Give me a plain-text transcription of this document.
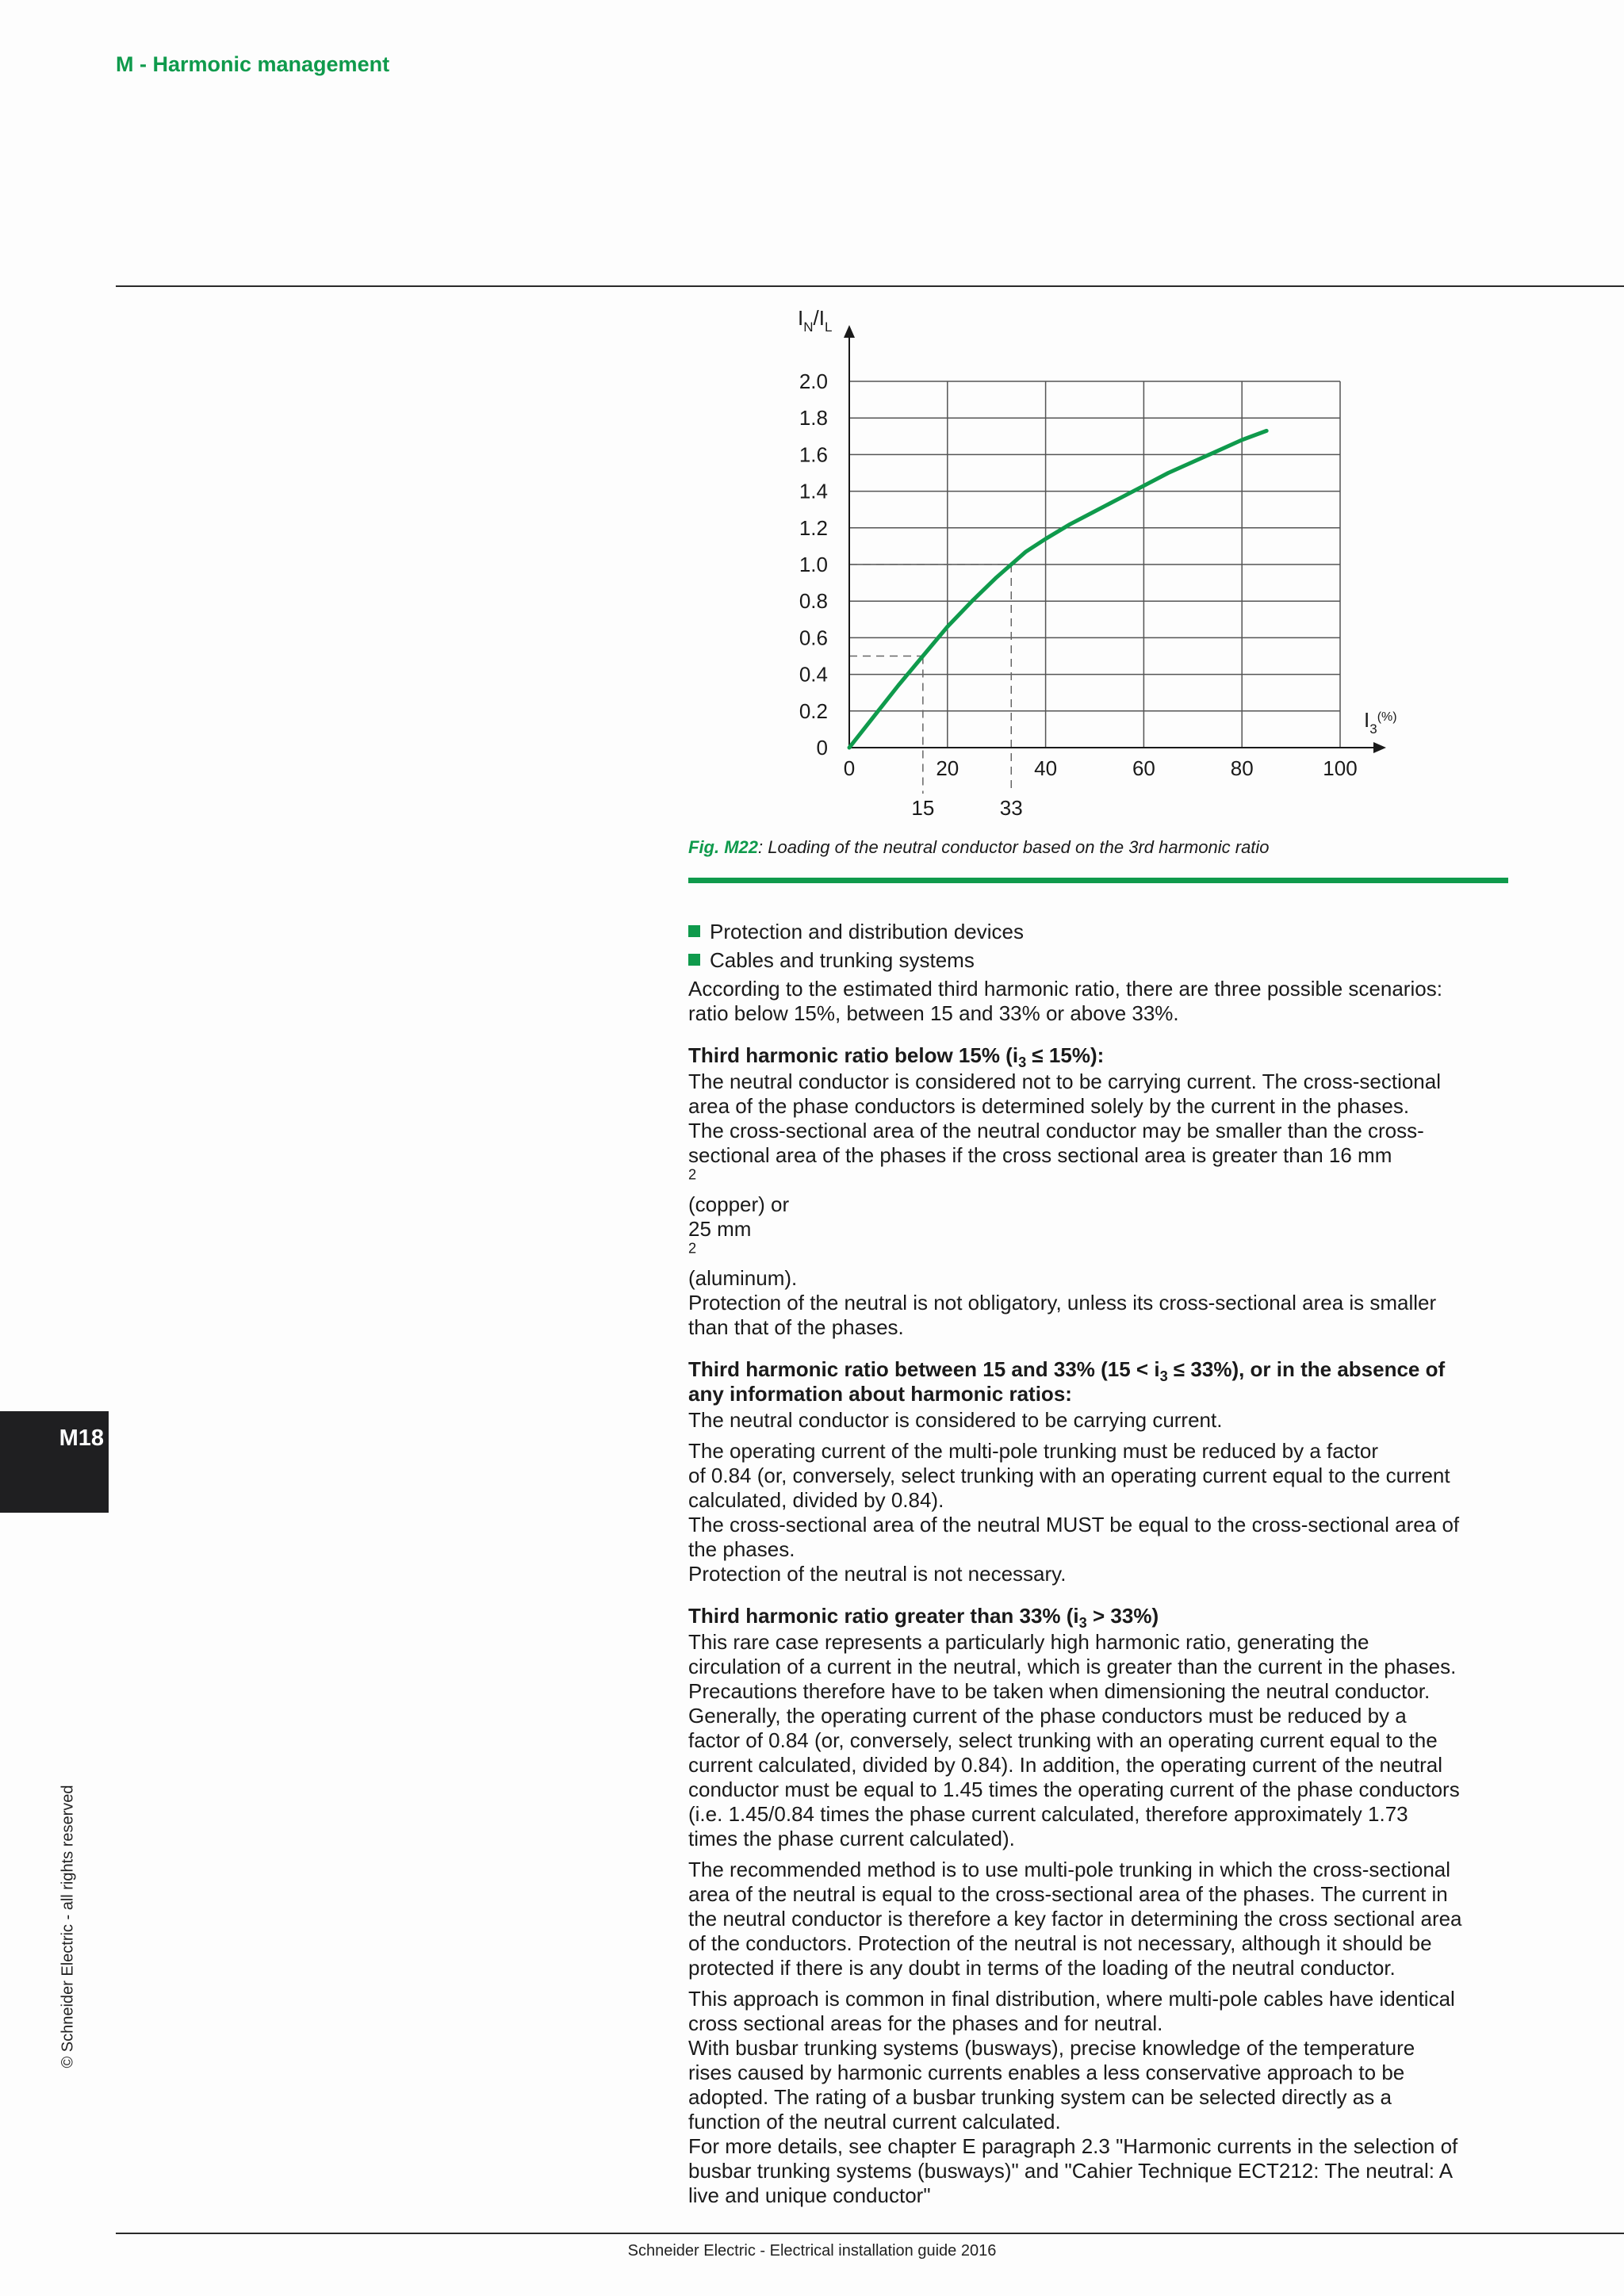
M - Harmonic management
0
0.2
0.4
0.6
0.8
1.0
1.2
1.4
1.6
1.8
2.0
0	20	40	60	80	100
15	33
$I_N/I_L$
$I_3^{(\%)}$
Fig. M22: Loading of the neutral conductor based on the 3rd harmonic ratio
Protection and distribution devices
Cables and trunking systems

According to the estimated third harmonic ratio, there are three possible scenarios:
ratio below 15%, between 15 and 33% or above 33%.

Third harmonic ratio below 15% $(i_3 \le 15\%)$:

The neutral conductor is considered not to be carrying current. The cross-sectional
area of the phase conductors is determined solely by the current in the phases.
The cross-sectional area of the neutral conductor may be smaller than the cross-
sectional area of the phases if the cross sectional area is greater than 16 mm
$^2$
(copper) or
25 mm
$^2$
(aluminum).
Protection of the neutral is not obligatory, unless its cross-sectional area is smaller
than that of the phases.

Third harmonic ratio between 15 and 33% $(15 < i_3 \le 33\%)$, or in the absence of
any information about harmonic ratios:

The neutral conductor is considered to be carrying current.

The operating current of the multi-pole trunking must be reduced by a factor
of 0.84 (or, conversely, select trunking with an operating current equal to the current
calculated, divided by 0.84).
The cross-sectional area of the neutral MUST be equal to the cross-sectional area of
the phases.
Protection of the neutral is not necessary.

Third harmonic ratio greater than 33% $(i_3 > 33\%)$

This rare case represents a particularly high harmonic ratio, generating the
circulation of a current in the neutral, which is greater than the current in the phases.
Precautions therefore have to be taken when dimensioning the neutral conductor.
Generally, the operating current of the phase conductors must be reduced by a
factor of 0.84 (or, conversely, select trunking with an operating current equal to the
current calculated, divided by 0.84). In addition, the operating current of the neutral
conductor must be equal to 1.45 times the operating current of the phase conductors
(i.e. 1.45/0.84 times the phase current calculated, therefore approximately 1.73
times the phase current calculated).

The recommended method is to use multi-pole trunking in which the cross-sectional
area of the neutral is equal to the cross-sectional area of the phases. The current in
the neutral conductor is therefore a key factor in determining the cross sectional area
of the conductors. Protection of the neutral is not necessary, although it should be
protected if there is any doubt in terms of the loading of the neutral conductor.

This approach is common in final distribution, where multi-pole cables have identical
cross sectional areas for the phases and for neutral.
With busbar trunking systems (busways), precise knowledge of the temperature
rises caused by harmonic currents enables a less conservative approach to be
adopted. The rating of a busbar trunking system can be selected directly as a
function of the neutral current calculated.
For more details, see chapter E paragraph 2.3 "Harmonic currents in the selection of
busbar trunking systems (busways)" and "Cahier Technique ECT212: The neutral: A
live and unique conductor"

M18
© Schneider Electric - all rights reserved
Schneider Electric - Electrical installation guide 2016
